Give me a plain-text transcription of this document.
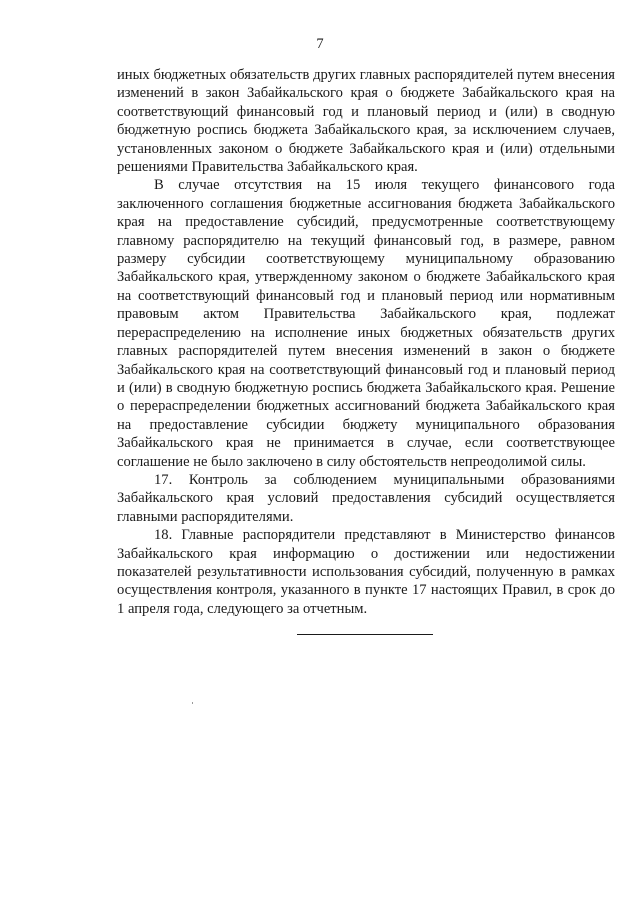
7

иных бюджетных обязательств других главных распорядителей путем внесения изменений в закон Забайкальского края о бюджете Забайкальского края на соответствующий финансовый год и плановый период и (или) в сводную бюджетную роспись бюджета Забайкальского края, за исключением случаев, установленных законом о бюджете Забайкальского края и (или) отдельными решениями Правительства Забайкальского края.

В случае отсутствия на 15 июля текущего финансового года заключенного соглашения бюджетные ассигнования бюджета Забайкальского края на предоставление субсидий, предусмотренные соответствующему главному распорядителю на текущий финансовый год, в размере, равном размеру субсидии соответствующему муниципальному образованию Забайкальского края, утвержденному законом о бюджете Забайкальского края на соответствующий финансовый год и плановый период или нормативным правовым актом Правительства Забайкальского края, подлежат перераспределению на исполнение иных бюджетных обязательств других главных распорядителей путем внесения изменений в закон о бюджете Забайкальского края на соответствующий финансовый год и плановый период и (или) в сводную бюджетную роспись бюджета Забайкальского края. Решение о перераспределении бюджетных ассигнований бюджета Забайкальского края на предоставление субсидии бюджету муниципального образования Забайкальского края не принимается в случае, если соответствующее соглашение не было заключено в силу обстоятельств непреодолимой силы.

17. Контроль за соблюдением муниципальными образованиями Забайкальского края условий предоставления субсидий осуществляется главными распорядителями.

18. Главные распорядители представляют в Министерство финансов Забайкальского края информацию о достижении или недостижении показателей результативности использования субсидий, полученную в рамках осуществления контроля, указанного в пункте 17 настоящих Правил, в срок до 1 апреля года, следующего за отчетным.
